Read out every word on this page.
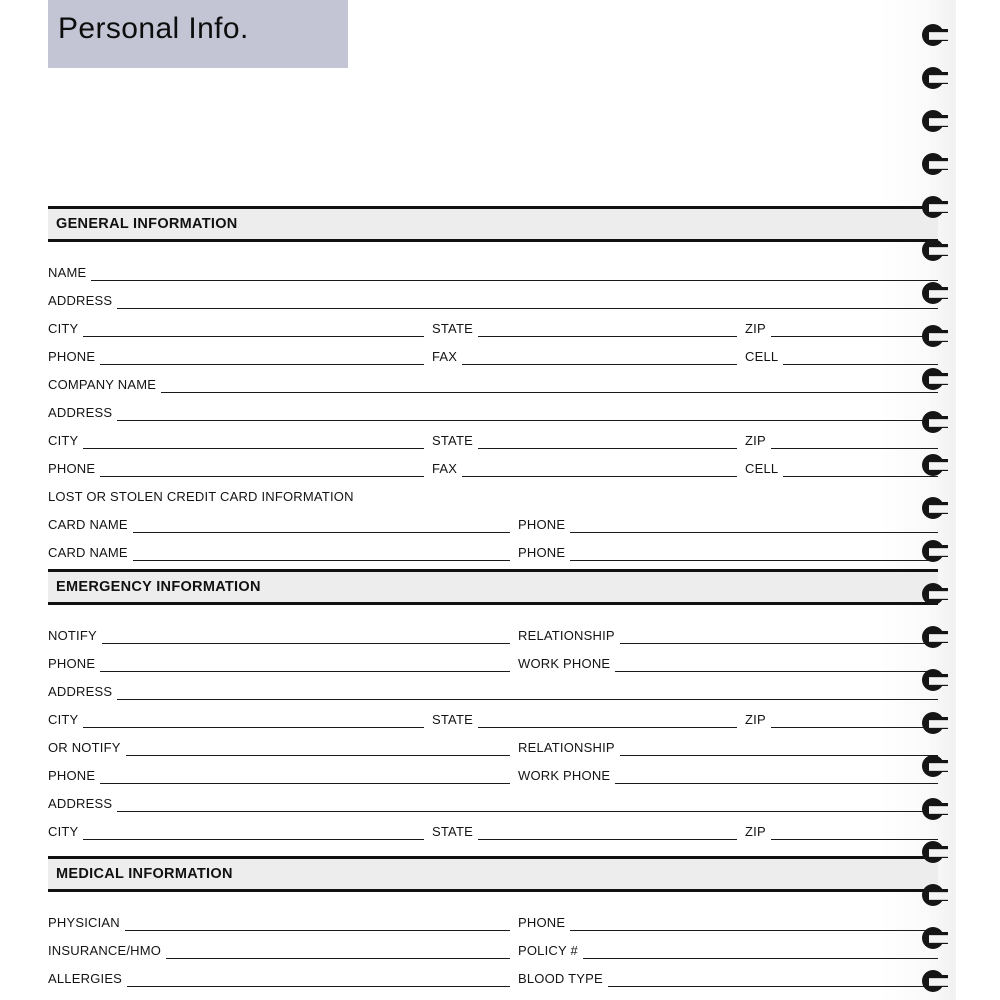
Personal Info.
GENERAL INFORMATION
NAME
ADDRESS
CITY	STATE	ZIP
PHONE	FAX	CELL
COMPANY NAME
ADDRESS
CITY	STATE	ZIP
PHONE	FAX	CELL
LOST OR STOLEN CREDIT CARD INFORMATION
CARD NAME	PHONE
CARD NAME	PHONE
EMERGENCY INFORMATION
NOTIFY	RELATIONSHIP
PHONE	WORK PHONE
ADDRESS
CITY	STATE	ZIP
OR NOTIFY	RELATIONSHIP
PHONE	WORK PHONE
ADDRESS
CITY	STATE	ZIP
MEDICAL INFORMATION
PHYSICIAN	PHONE
INSURANCE/HMO	POLICY #
ALLERGIES	BLOOD TYPE
